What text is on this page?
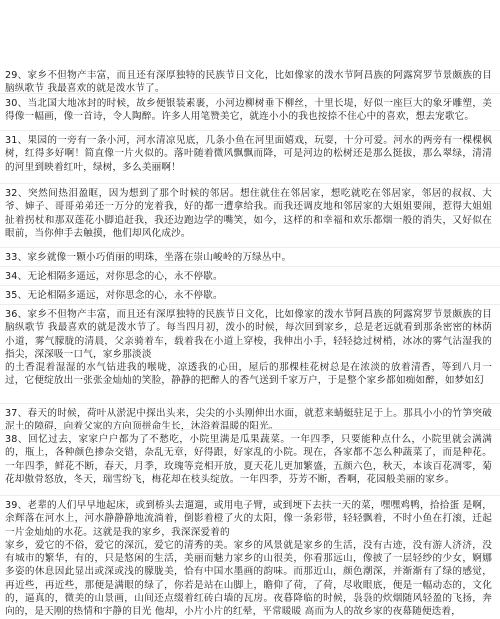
29、家乡不但物产丰富，而且还有深厚独特的民族节日文化，比如像家的泼水节阿昌族的阿露窝罗节景颇族的目脑纵歌节 我最喜欢的就是泼水节了。

30、当北国大地冰封的时候，故乡便银装素裹，小河边柳树垂下柳丝，十里长堤，好似一座巨大的象牙雕塑，美得像一幅画，像一首诗，令人陶醉。许多人用笔赞美它，就连小小的我也按捺不住心中的喜欢，想去宠歌它。

31、果园的一旁有一条小河，河水清凉见底，几条小鱼在河里面嬉戏，玩耍，十分可爱。河水的两旁有一棵棵枫树，红得多好啊！简直像一片火似的。落叶随着微风飘飘而降，可是河边的松树还是那么挺拔，那么翠绿，清清的河里到映着红叶，绿树，多么美丽啊！

32、突然间热泪盈眶，因为想到了那个时候的邻居。想住就住在邻居家，想吃就吃在邻居家，邻居的叔叔、大爷、婶子、哥哥弟弟还一万分的宠着我，好的都一遭拿给我。而我还调皮地和邻居家的大姐姐要闹，惹得大姐姐扯着拐杖和那双莲花小脚追赶我，我还边跑边学的嘴笑，如今，这样的和幸福和欢乐都烟一般的消失，又好似在眼前，当你伸手去触摸，他们却风化成沙。

33、家乡就像一颗小巧俏丽的明珠，坐落在崇山峻岭的万绿丛中。

34、无论相隔多遥远，对你思念的心，永不停歇。

35、无论相隔多遥远，对你思念的心，永不停歇。

36、家乡不但物产丰富，而且还有深厚独特的民族节日文化，比如像家的泼水节阿昌族的阿露窝罗节景颇族的目脑纵歌节 我最喜欢的就是泼水节了。每当四月初，泼小的时候，每次回到家乡，总是老远就看到那条密密的林荫小道，雾气朦胧的清晨，父亲骑着车，载着我在小道上穿梭，我伸出小手，轻轻捻过树梢，冰冰的雾气沾湿我的指尖，深深吸一口气，家乡那淡淡

的土香混着湿湿的水气钻进我的喉咙，凉透我的心田，屋后的那棵桂花树总是在浓淡的放着清香，等到八月一过，它便绽放出一张张金灿灿的笑脸，静静的把醉人的香气送到千家万户，于是整个家乡都如痴如醉，如梦如幻

37、春天的时候，荷叶从淤泥中探出头来，尖尖的小头刚伸出水面，就惹来蜻蜓驻足于上。那具小小的竹笋突破泥土的障碍，向着父家的方向顶拼命生长，沐浴着温暖的阳光。

38、回忆过去，家家户户都为了不愁吃，小院里满是瓜果蔬菜。一年四季，只要能种点什么，小院里就会满满的，瓶上，各种颜色掺杂交错，杂乱无章，好得跟，好家乱的小院。现在，各家都不怎么种蔬菜了，而是种花。一年四季，鲜花不断，春天，月季，玫瑰等竞相开放，夏天花儿更加繁盛，五颜六色，秋天，本该百花凋零，菊花却傲骨怒放，冬天，瑞雪纷飞，梅花却在枝头绽放。一年四季，芬芳不断，香啊，花园般美丽的家乡。

39、老辈的人们早早地起床，或到桥头去遛遛，或用电子臂，或到埂下去扶一天的菜，嘿嘿鸡鸭，拾拾蛋 是啊，余辉落在河水上，河水静静静地流淌着，倒影着橙了火的太阳，像一条彩带，轻轻飘着，不时小鱼在打滚，迁起一片金灿灿的水花。这就是我的家乡，我深深爱着的

家乡，爱它的不俗，爱它的深沉，爱它的清秀的美。家乡的风景就是家乡的生活，没有古迹，没有游人济济，没有城市的繁华，有的，只是悠闲的生活，美丽而魅力家乡的山很美，你看那远山，像披了一层轻纱的少女，婀娜多姿的休息因此显出或深或浅的朦胧美，恰有中国水墨画的韵味。而那近山，颜色潮深，并渐渐有了绿的感觉，再近些，再近些，那便是满眼的绿了，你若是站在山脚上，瞻仰了荷，了荷，尽收眼底，便是一幅动态的，文化的，逼真的，微美的山景画，山间还点缀着红砖白墙的瓦房。夜暮降临的时候，袅袅的炊烟随风轻盈的飞扬，奔向的，是天刚的热情和宇静的目光 他却，小片小片的红晕，平常暖暖 高而为人的故乡家的夜幕随便迭着，
